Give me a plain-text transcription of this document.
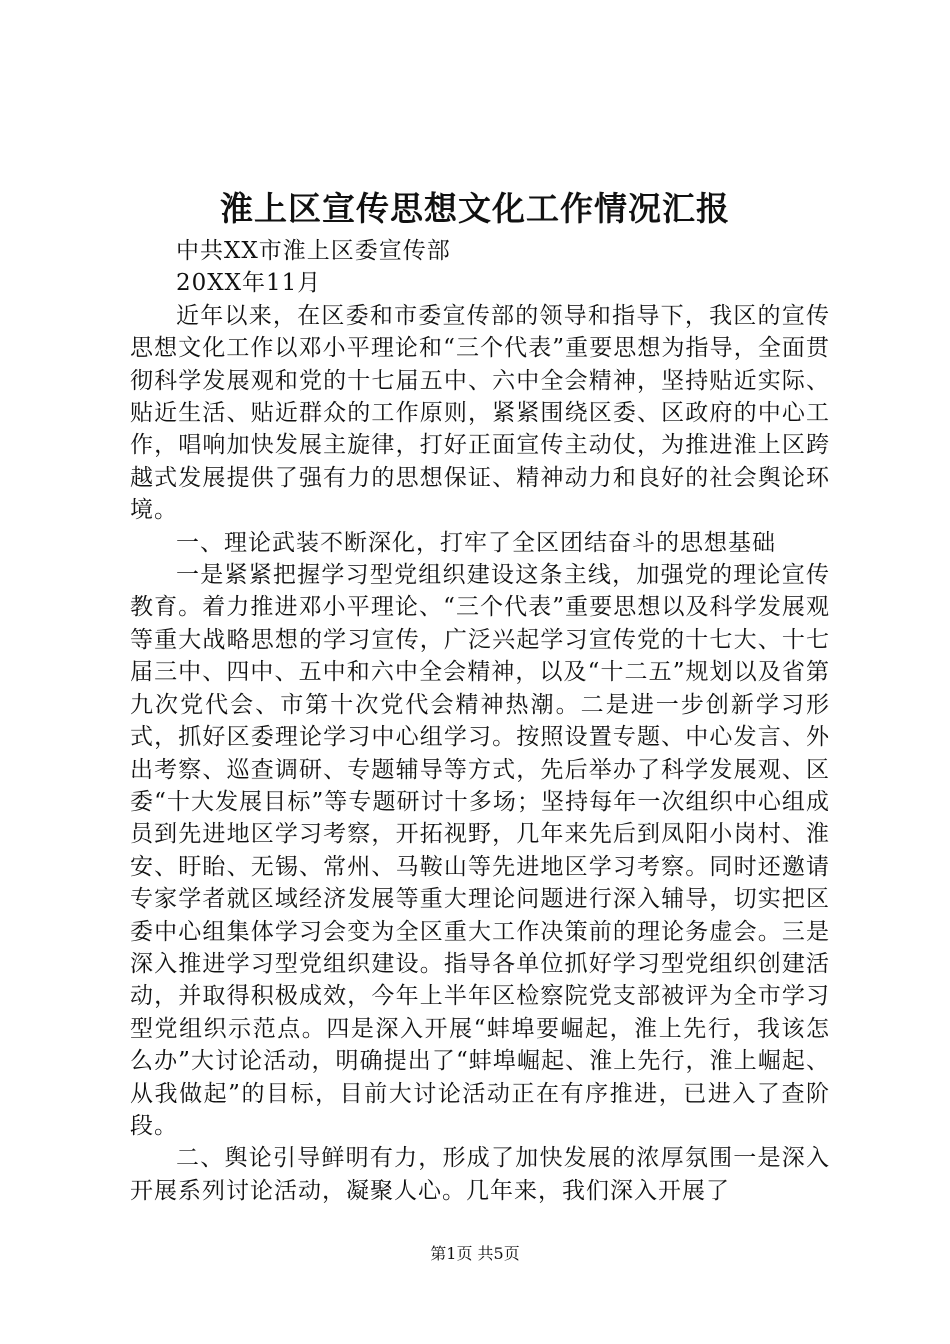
淮上区宣传思想文化工作情况汇报

中共XX市淮上区委宣传部

20XX年11月

近年以来，在区委和市委宣传部的领导和指导下，我区的宣传思想文化工作以邓小平理论和“三个代表”重要思想为指导，全面贯彻科学发展观和党的十七届五中、六中全会精神，坚持贴近实际、贴近生活、贴近群众的工作原则，紧紧围绕区委、区政府的中心工作，唱响加快发展主旋律，打好正面宣传主动仗，为推进淮上区跨越式发展提供了强有力的思想保证、精神动力和良好的社会舆论环境。

一、理论武装不断深化，打牢了全区团结奋斗的思想基础

一是紧紧把握学习型党组织建设这条主线，加强党的理论宣传教育。着力推进邓小平理论、“三个代表”重要思想以及科学发展观等重大战略思想的学习宣传，广泛兴起学习宣传党的十七大、十七届三中、四中、五中和六中全会精神，以及“十二五”规划以及省第九次党代会、市第十次党代会精神热潮。二是进一步创新学习形式，抓好区委理论学习中心组学习。按照设置专题、中心发言、外出考察、巡查调研、专题辅导等方式，先后举办了科学发展观、区委“十大发展目标”等专题研讨十多场；坚持每年一次组织中心组成员到先进地区学习考察，开拓视野，几年来先后到凤阳小岗村、淮安、盱眙、无锡、常州、马鞍山等先进地区学习考察。同时还邀请专家学者就区域经济发展等重大理论问题进行深入辅导，切实把区委中心组集体学习会变为全区重大工作决策前的理论务虚会。三是深入推进学习型党组织建设。指导各单位抓好学习型党组织创建活动，并取得积极成效，今年上半年区检察院党支部被评为全市学习型党组织示范点。四是深入开展“蚌埠要崛起，淮上先行，我该怎么办”大讨论活动，明确提出了“蚌埠崛起、淮上先行，淮上崛起、从我做起”的目标，目前大讨论活动正在有序推进，已进入了查阶段。

二、舆论引导鲜明有力，形成了加快发展的浓厚氛围一是深入开展系列讨论活动，凝聚人心。几年来，我们深入开展了

第1页 共5页
